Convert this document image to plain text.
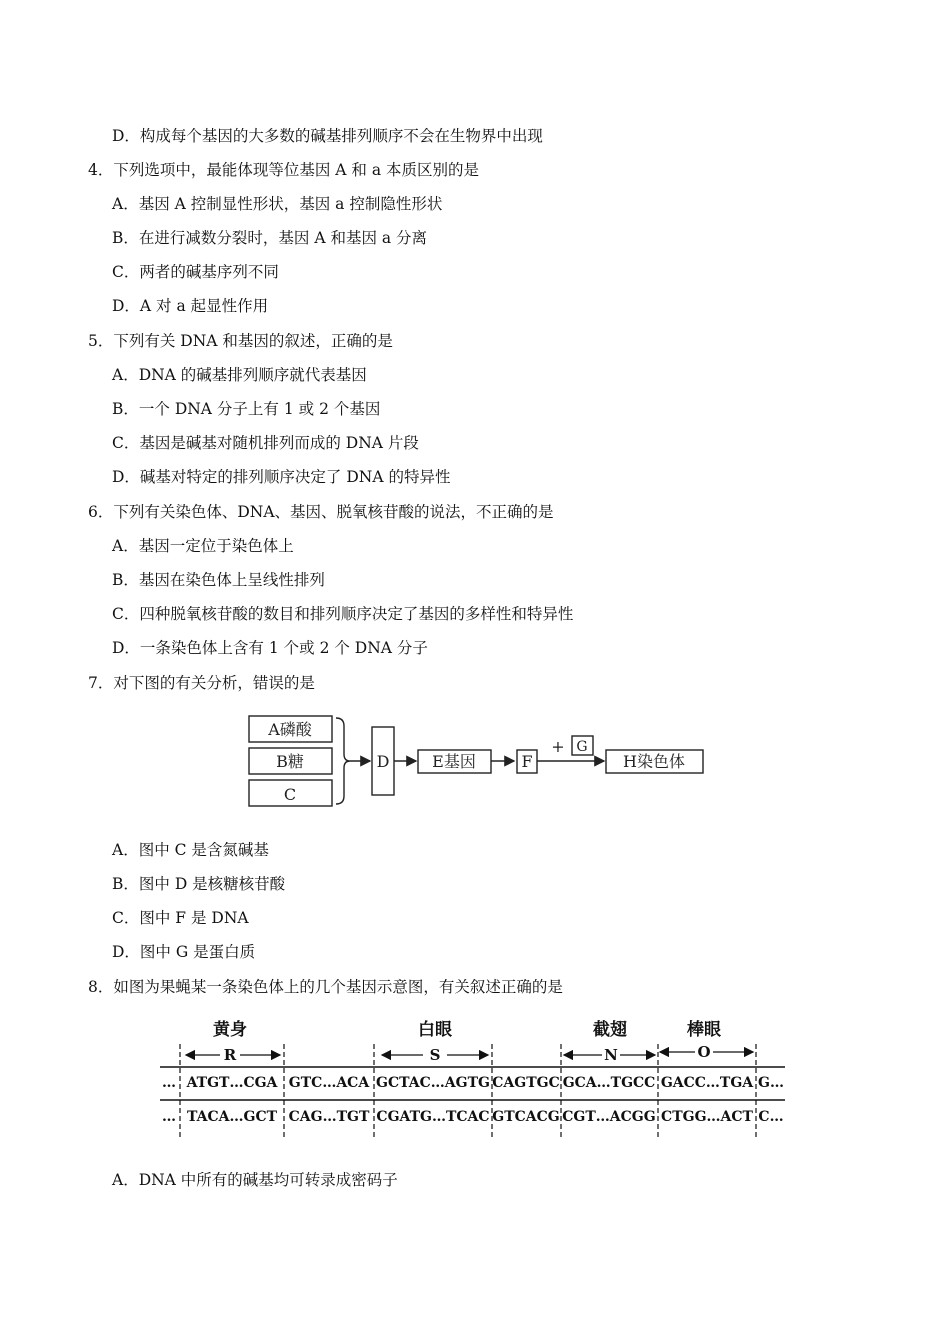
D．构成每个基因的大多数的碱基排列顺序不会在生物界中出现
4．下列选项中，最能体现等位基因 A 和 a 本质区别的是
A．基因 A 控制显性形状，基因 a 控制隐性形状
B．在进行减数分裂时，基因 A 和基因 a 分离
C．两者的碱基序列不同
D．A 对 a 起显性作用
5．下列有关 DNA 和基因的叙述，正确的是
A．DNA 的碱基排列顺序就代表基因
B．一个 DNA 分子上有 1 或 2 个基因
C．基因是碱基对随机排列而成的 DNA 片段
D．碱基对特定的排列顺序决定了 DNA 的特异性
6．下列有关染色体、DNA、基因、脱氧核苷酸的说法，不正确的是
A．基因一定位于染色体上
B．基因在染色体上呈线性排列
C．四种脱氧核苷酸的数目和排列顺序决定了基因的多样性和特异性
D．一条染色体上含有 1 个或 2 个 DNA 分子
7．对下图的有关分析，错误的是
A磷酸
B糖
C
D	E基因	F
+ G
H染色体
A．图中 C 是含氮碱基
B．图中 D 是核糖核苷酸
C．图中 F 是 DNA
D．图中 G 是蛋白质
8．如图为果蝇某一条染色体上的几个基因示意图，有关叙述正确的是
黄身	白眼	截翅	棒眼
R	S	N	O
… ATGT…CGA GTC…ACA GCTAC…AGTG CAGTGC GCA…TGCC GACC…TGA G…
… TACA…GCT CAG…TGT CGATG…TCAC GTCACG CGT…ACGG CTGG…ACT C…
A．DNA 中所有的碱基均可转录成密码子
